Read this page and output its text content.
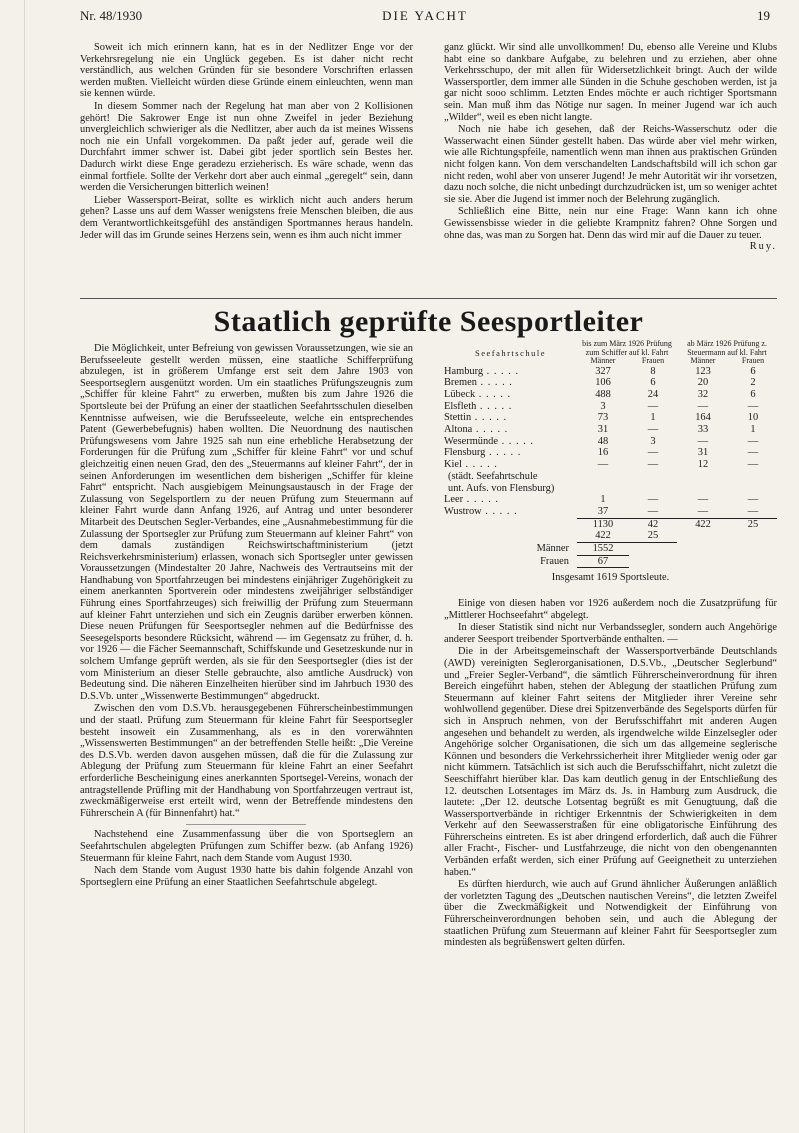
Nr. 48/1930	DIE YACHT	19

Soweit ich mich erinnern kann, hat es in der Nedlitzer Enge vor der Verkehrsregelung nie ein Unglück gegeben. Es ist daher nicht recht verständlich, aus welchen Gründen für sie besondere Vorschriften erlassen werden mußten. Vielleicht würden diese Gründe einem einleuchten, wenn man sie kennen würde.

In diesem Sommer nach der Regelung hat man aber von 2 Kollisionen gehört! Die Sakrower Enge ist nun ohne Zweifel in jeder Beziehung unvergleichlich schwieriger als die Nedlitzer, aber auch da ist meines Wissens noch nie ein Unfall vorgekommen. Da paßt jeder auf, gerade weil die Durchfahrt immer schwer ist. Dabei gibt jeder sportlich sein Bestes her. Dadurch wirkt diese Enge geradezu erzieherisch. Es wäre schade, wenn das einmal fortfiele. Sollte der Verkehr dort aber auch einmal „geregelt“ sein, dann werden die Versicherungen bitterlich weinen!

Lieber Wassersport-Beirat, sollte es wirklich nicht auch anders herum gehen? Lasse uns auf dem Wasser wenigstens freie Menschen bleiben, die aus dem Verantwortlichkeitsgefühl des anständigen Sportmannes heraus handeln. Jeder will das im Grunde seines Herzens sein, wenn es ihm auch nicht immer

ganz glückt. Wir sind alle unvollkommen! Du, ebenso alle Vereine und Klubs habt eine so dankbare Aufgabe, zu belehren und zu erziehen, aber ohne Verkehrsschupo, der mit allen für Widersetzlichkeit bringt. Auch der wilde Wassersportler, dem immer alle Sünden in die Schuhe geschoben werden, ist ja gar nicht sooo schlimm. Letzten Endes möchte er auch richtiger Sportsmann sein. Man muß ihm das Nötige nur sagen. In meiner Jugend war ich auch „Wilder“, weil es eben nicht langte.

Noch nie habe ich gesehen, daß der Reichs-Wasserschutz oder die Wasserwacht einen Sünder gestellt haben. Das würde aber viel mehr wirken, wie alle Richtungspfeile, namentlich wenn man ihnen aus praktischen Gründen nicht folgen kann. Von dem verschandelten Landschaftsbild will ich schon gar nicht reden, wohl aber von unserer Jugend! Je mehr Autorität wir ihr vorsetzen, dazu noch solche, die nicht unbedingt durchzudrücken ist, um so weniger achtet sie sie. Aber die Jugend ist immer noch der Belehrung zugänglich.

Schließlich eine Bitte, nein nur eine Frage: Wann kann ich ohne Gewissensbisse wieder in die geliebte Krampnitz fahren? Ohne Sorgen und ohne das, was man zu Sorgen hat. Denn das wird mir auf die Dauer zu teuer.
Ruy.

Staatlich geprüfte Seesportleiter

Die Möglichkeit, unter Befreiung von gewissen Voraussetzungen, wie sie an Berufsseeleute gestellt werden müssen, eine staatliche Schifferprüfung abzulegen, ist in größerem Umfange erst seit dem Jahre 1903 von Seesportseglern ausgenützt worden. Um ein staatliches Prüfungszeugnis zum „Schiffer für kleine Fahrt“ zu erwerben, mußten bis zum Jahre 1926 die Sportsleute bei der Prüfung an einer der staatlichen Seefahrtsschulen dieselben Kenntnisse aufweisen, wie die Berufsseeleute, welche ein entsprechendes Patent (Gewerbebefugnis) haben wollten. Die Neuordnung des nautischen Prüfungswesens vom Jahre 1925 sah nun eine erhebliche Herabsetzung der Forderungen für die Prüfung zum „Schiffer für kleine Fahrt“ vor und schuf gleichzeitig einen neuen Grad, den des „Steuermanns auf kleiner Fahrt“, der in seinen Anforderungen im wesentlichen dem bisherigen „Schiffer für kleine Fahrt“ entspricht. Nach ausgiebigem Meinungsaustausch in der Frage der Zulassung von Segelsportlern zu der neuen Prüfung zum Steuermann auf kleiner Fahrt wurde dann Anfang 1926, auf Antrag und unter besonderer Mitarbeit des Deutschen Segler-Verbandes, eine „Ausnahmebestimmung für die Zulassung der Sportsegler zur Prüfung zum Steuermann auf kleiner Fahrt“ von dem damals zuständigen Reichswirtschaftministerium (jetzt Reichsverkehrsministerium) erlassen, wonach sich Sportsegler unter gewissen Voraussetzungen (Mindestalter 20 Jahre, Nachweis des Vertrautseins mit der Handhabung von Sportfahrzeugen bei mindestens einjähriger Zugehörigkeit zu einem anerkannten Sportverein oder mindestens zweijähriger selbständiger Führung eines Sportfahrzeuges) sich freiwillig der Prüfung zum Steuermann auf kleiner Fahrt unterziehen und sich ein Zeugnis darüber erwerben können. Diese neuen Prüfungen für Seesportsegler nehmen auf die Bedürfnisse des Seesegelsports besondere Rücksicht, während — im Gegensatz zu früher, d. h. vor 1926 — die Fächer Seemannschaft, Schiffskunde und Gesetzeskunde nur in solchem Umfange geprüft werden, als sie für den Seesportsegler (dies ist der vom Ministerium an dieser Stelle gebrauchte, also amtliche Ausdruck) von Bedeutung sind. Die näheren Einzelheiten hierüber sind im Jahrbuch 1930 des D.S.Vb. unter „Wissenwerte Bestimmungen“ abgedruckt.

Zwischen den vom D.S.Vb. herausgegebenen Führerscheinbestimmungen und der staatl. Prüfung zum Steuermann für kleine Fahrt für Seesportsegler besteht insoweit ein Zusammenhang, als es in den vorerwähnten „Wissenswerten Bestimmungen“ an der betreffenden Stelle heißt: „Die Vereine des D.S.Vb. werden davon ausgehen müssen, daß die für die Zulassung zur Ablegung der Prüfung zum Steuermann für kleine Fahrt an einer Seefahrt erforderliche Bescheinigung eines anerkannten Sportsegel-Vereins, wonach der antragstellende Prüfling mit der Handhabung von Sportfahrzeugen vertraut ist, zweckmäßigerweise erst erteilt wird, wenn der Betreffende mindestens den Führerschein A (für Binnenfahrt) hat.“

Nachstehend eine Zusammenfassung über die von Sportseglern an Seefahrtschulen abgelegten Prüfungen zum Schiffer bezw. (ab Anfang 1926) Steuermann für kleine Fahrt, nach dem Stande vom August 1930.

Nach dem Stande vom August 1930 hatte bis dahin folgende Anzahl von Sportseglern eine Prüfung an einer Staatlichen Seefahrtschule abgelegt.

Seefahrtschule	bis zum März 1926 Prüfung zum Schiffer auf kl. Fahrt		ab März 1926 Prüfung z. Steuermann auf kl. Fahrt	
	Männer	Frauen	Männer	Frauen
Hamburg . . . . .	327	8	123	6
Bremen . . . . .	106	6	20	2
Lübeck . . . . .	488	24	32	6
Elsfleth . . . . .	3	—	—	—
Stettin . . . . .	73	1	164	10
Altona . . . . .	31	—	33	1
Wesermünde . . . . .	48	3	—	—
Flensburg . . . . .	16	—	31	—
Kiel . . . . .	—	—	12	—
(städt. Seefahrtschule				
unt. Aufs. von Flensburg)				
Leer . . . . .	1	—	—	—
Wustrow . . . . .	37	—	—	—
	1130	42	422	25
	422	25		
Männer	1552			
Frauen	67			
Insgesamt 1619 Sportsleute.

Einige von diesen haben vor 1926 außerdem noch die Zusatzprüfung für „Mittlerer Hochseefahrt“ abgelegt.

In dieser Statistik sind nicht nur Verbandssegler, sondern auch Angehörige anderer Seesport treibender Sportverbände enthalten. —

Die in der Arbeitsgemeinschaft der Wassersportverbände Deutschlands (AWD) vereinigten Seglerorganisationen, D.S.Vb., „Deutscher Seglerbund“ und „Freier Segler-Verband“, die sämtlich Führerscheinverordnung für ihren Bereich eingeführt haben, stehen der Ablegung der staatlichen Prüfung zum Steuermann auf kleiner Fahrt seitens der Mitglieder ihrer Vereine sehr wohlwollend gegenüber. Diese drei Spitzenverbände des Segelsports dürfen für sich in Anspruch nehmen, von der Berufsschiffahrt mit anderen Augen angesehen und behandelt zu werden, als irgendwelche wilde Einzelsegler oder Angehörige solcher Organisationen, die sich um das allgemeine seglerische Können und besonders die Verkehrssicherheit ihrer Mitglieder wenig oder gar nicht kümmern. Tatsächlich ist sich auch die Berufsschiffahrt, nicht zuletzt die Seeschiffahrt hierüber klar. Das kam deutlich genug in der Entschließung des 12. deutschen Lotsentages im März ds. Js. in Hamburg zum Ausdruck, die lautete: „Der 12. deutsche Lotsentag begrüßt es mit Genugtuung, daß die Wassersportverbände in richtiger Erkenntnis der Schwierigkeiten in dem Verkehr auf den Seewasserstraßen für eine obligatorische Einführung des Führerscheins eintreten. Es ist aber dringend erforderlich, daß auch die Führer aller Fracht-, Fischer- und Lustfahrzeuge, die nicht von den obengenannten Verbänden erfaßt werden, sich einer Prüfung auf Geeignetheit zu unterziehen haben.“

Es dürften hierdurch, wie auch auf Grund ähnlicher Äußerungen anläßlich der vorletzten Tagung des „Deutschen nautischen Vereins“, die letzten Zweifel über die Zweckmäßigkeit und Notwendigkeit der Einführung von Führerscheinverordnungen behoben sein, und auch die Ablegung der staatlichen Prüfung zum Steuermann auf kleiner Fahrt für Seesportsegler zum mindesten als begrüßenswert gelten dürfen.
